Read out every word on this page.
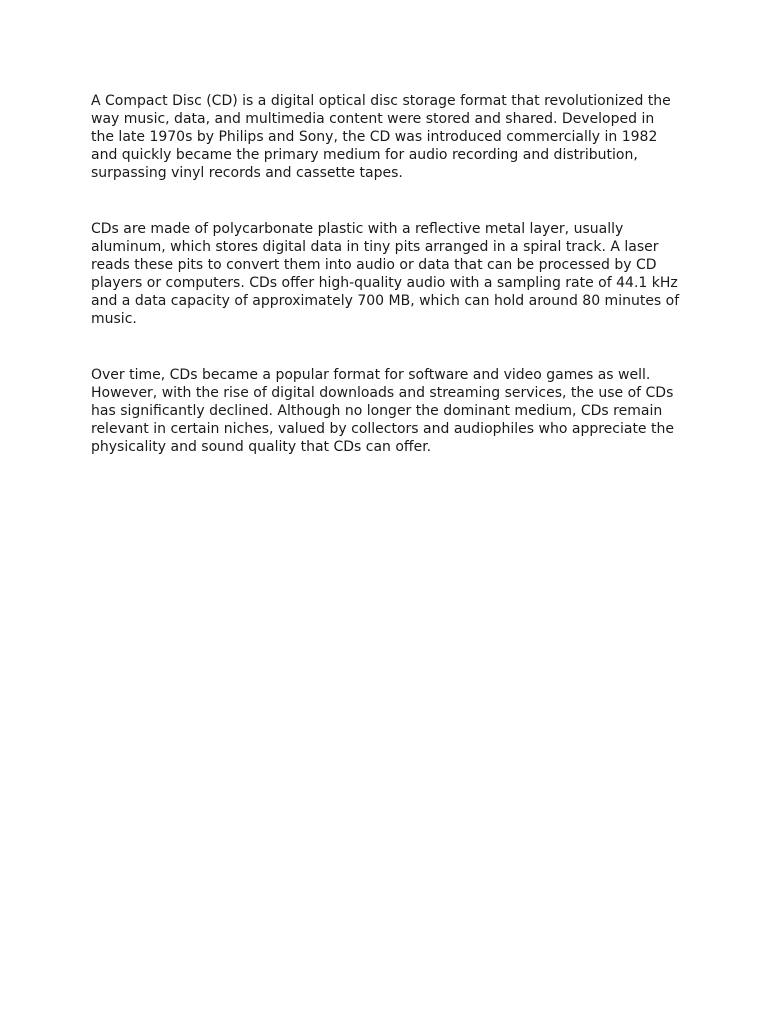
A Compact Disc (CD) is a digital optical disc storage format that revolutionized the way music, data, and multimedia content were stored and shared. Developed in the late 1970s by Philips and Sony, the CD was introduced commercially in 1982 and quickly became the primary medium for audio recording and distribution, surpassing vinyl records and cassette tapes.

CDs are made of polycarbonate plastic with a reflective metal layer, usually aluminum, which stores digital data in tiny pits arranged in a spiral track. A laser reads these pits to convert them into audio or data that can be processed by CD players or computers. CDs offer high-quality audio with a sampling rate of 44.1 kHz and a data capacity of approximately 700 MB, which can hold around 80 minutes of music.

Over time, CDs became a popular format for software and video games as well. However, with the rise of digital downloads and streaming services, the use of CDs has significantly declined. Although no longer the dominant medium, CDs remain relevant in certain niches, valued by collectors and audiophiles who appreciate the physicality and sound quality that CDs can offer.
